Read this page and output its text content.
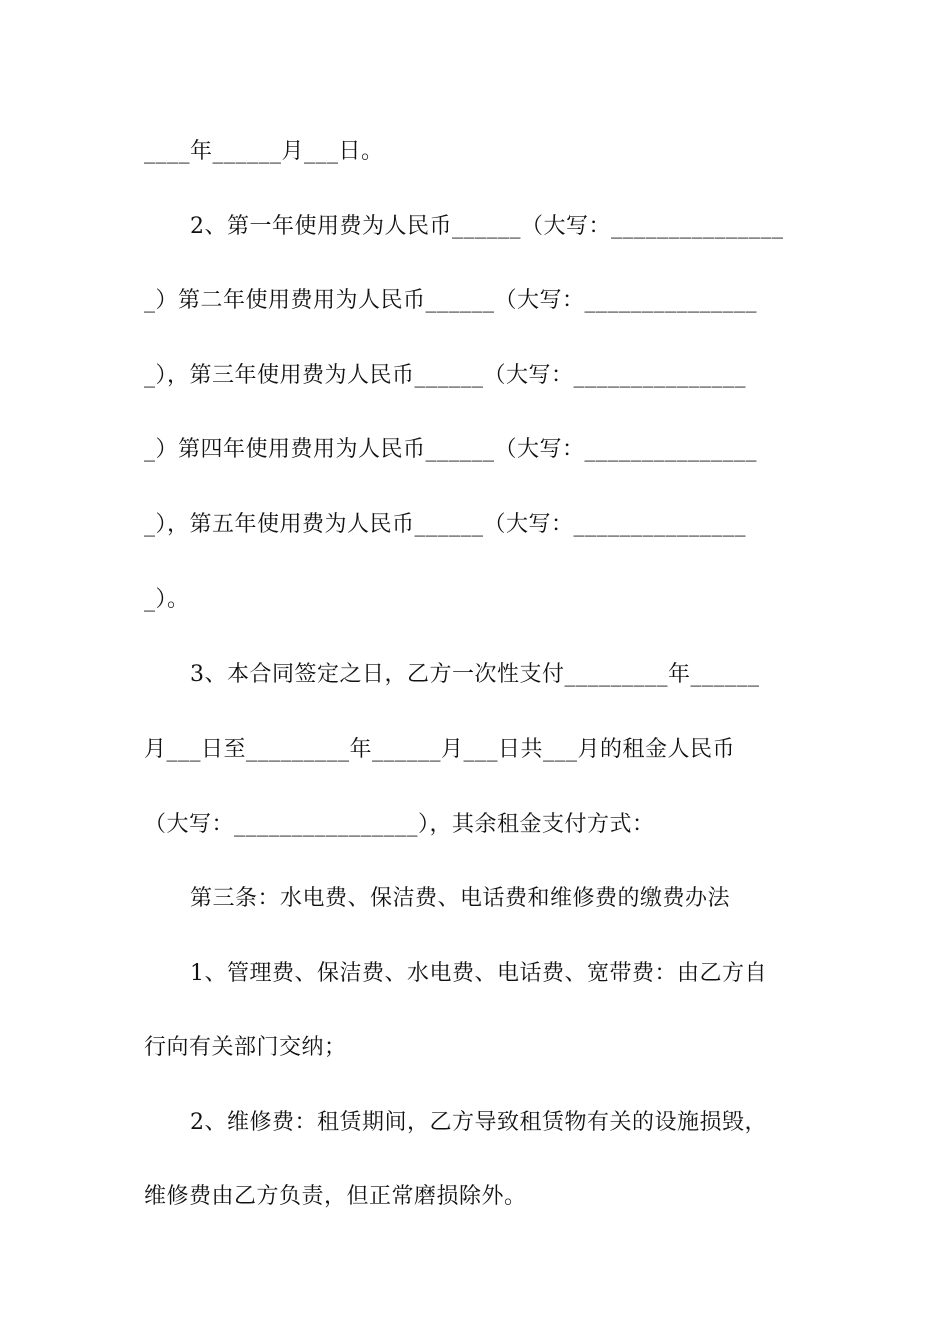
____年______月___日。
2、第一年使用费为人民币______（大写：_______________
_）第二年使用费用为人民币______（大写：_______________
_），第三年使用费为人民币______（大写：_______________
_）第四年使用费用为人民币______（大写：_______________
_），第五年使用费为人民币______（大写：_______________
_）。
3、本合同签定之日，乙方一次性支付_________年______
月___日至_________年______月___日共___月的租金人民币
（大写：________________），其余租金支付方式：
第三条：水电费、保洁费、电话费和维修费的缴费办法
1、管理费、保洁费、水电费、电话费、宽带费：由乙方自
行向有关部门交纳；
2、维修费：租赁期间，乙方导致租赁物有关的设施损毁，
维修费由乙方负责，但正常磨损除外。
